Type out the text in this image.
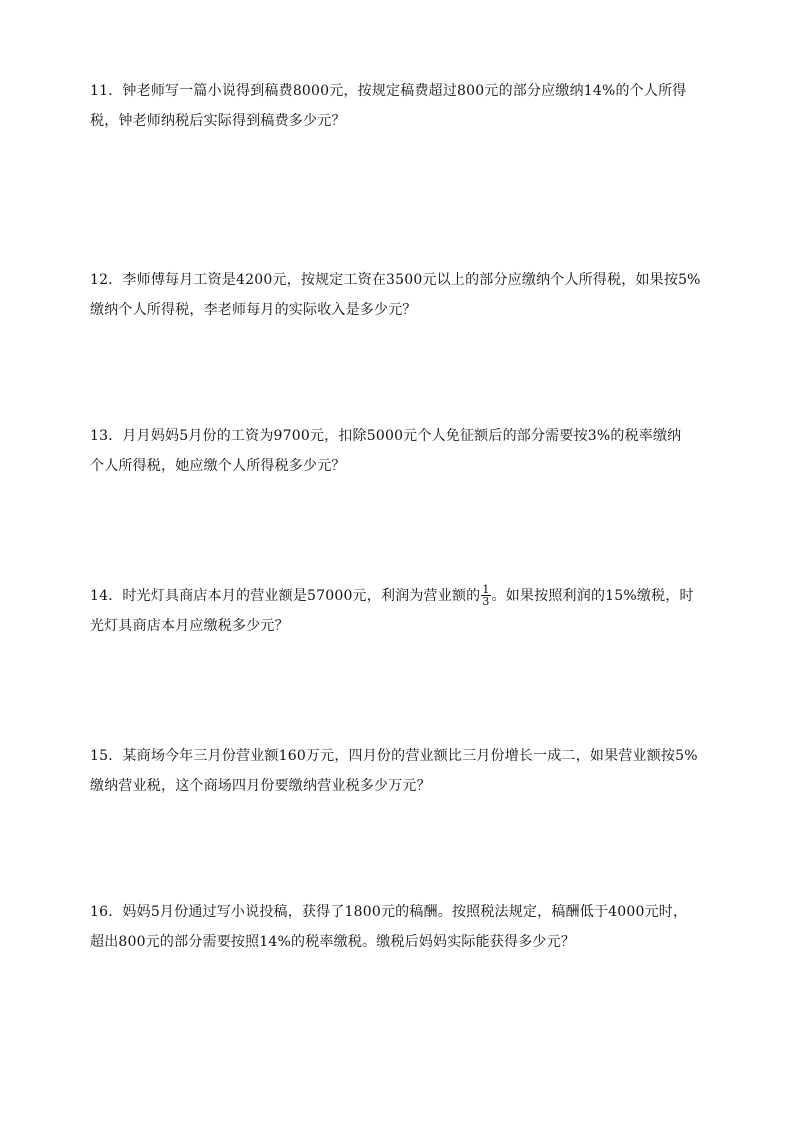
11．钟老师写一篇小说得到稿费8000元，按规定稿费超过800元的部分应缴纳14%的个人所得
税，钟老师纳税后实际得到稿费多少元？

12．李师傅每月工资是4200元，按规定工资在3500元以上的部分应缴纳个人所得税，如果按5%
缴纳个人所得税，李老师每月的实际收入是多少元？

13．月月妈妈5月份的工资为9700元，扣除5000元个人免征额后的部分需要按3%的税率缴纳
个人所得税，她应缴个人所得税多少元？

14．时光灯具商店本月的营业额是57000元，利润为营业额的 $\frac{1}{3}$ 。如果按照利润的15%缴税，时
光灯具商店本月应缴税多少元？

15．某商场今年三月份营业额160万元，四月份的营业额比三月份增长一成二，如果营业额按5%
缴纳营业税，这个商场四月份要缴纳营业税多少万元？

16．妈妈5月份通过写小说投稿，获得了1800元的稿酬。按照税法规定，稿酬低于4000元时，
超出800元的部分需要按照14%的税率缴税。缴税后妈妈实际能获得多少元？
